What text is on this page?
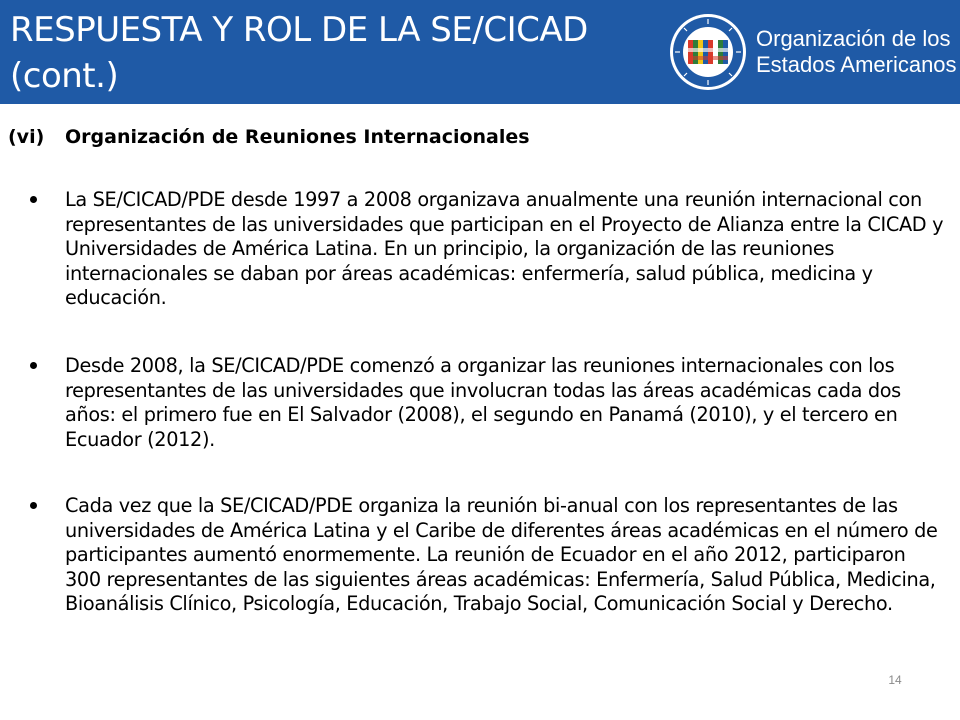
RESPUESTA Y ROL DE LA SE/CICAD
(cont.)
Organización de los
Estados Americanos
(vi) Organización de Reuniones Internacionales

La SE/CICAD/PDE desde 1997 a 2008 organizava anualmente una reunión internacional con representantes de las universidades que participan en el Proyecto de Alianza entre la CICAD y Universidades de América Latina. En un principio, la organización de las reuniones internacionales se daban por áreas académicas: enfermería, salud pública, medicina y educación.

Desde 2008, la SE/CICAD/PDE comenzó a organizar las reuniones internacionales con los representantes de las universidades que involucran todas las áreas académicas cada dos años: el primero fue en El Salvador (2008), el segundo en Panamá (2010), y el tercero en Ecuador (2012).

Cada vez que la SE/CICAD/PDE organiza la reunión bi-anual con los representantes de las universidades de América Latina y el Caribe de diferentes áreas académicas en el número de participantes aumentó enormemente. La reunión de Ecuador en el año 2012, participaron 300 representantes de las siguientes áreas académicas: Enfermería, Salud Pública, Medicina, Bioanálisis Clínico, Psicología, Educación, Trabajo Social, Comunicación Social y Derecho.

14
